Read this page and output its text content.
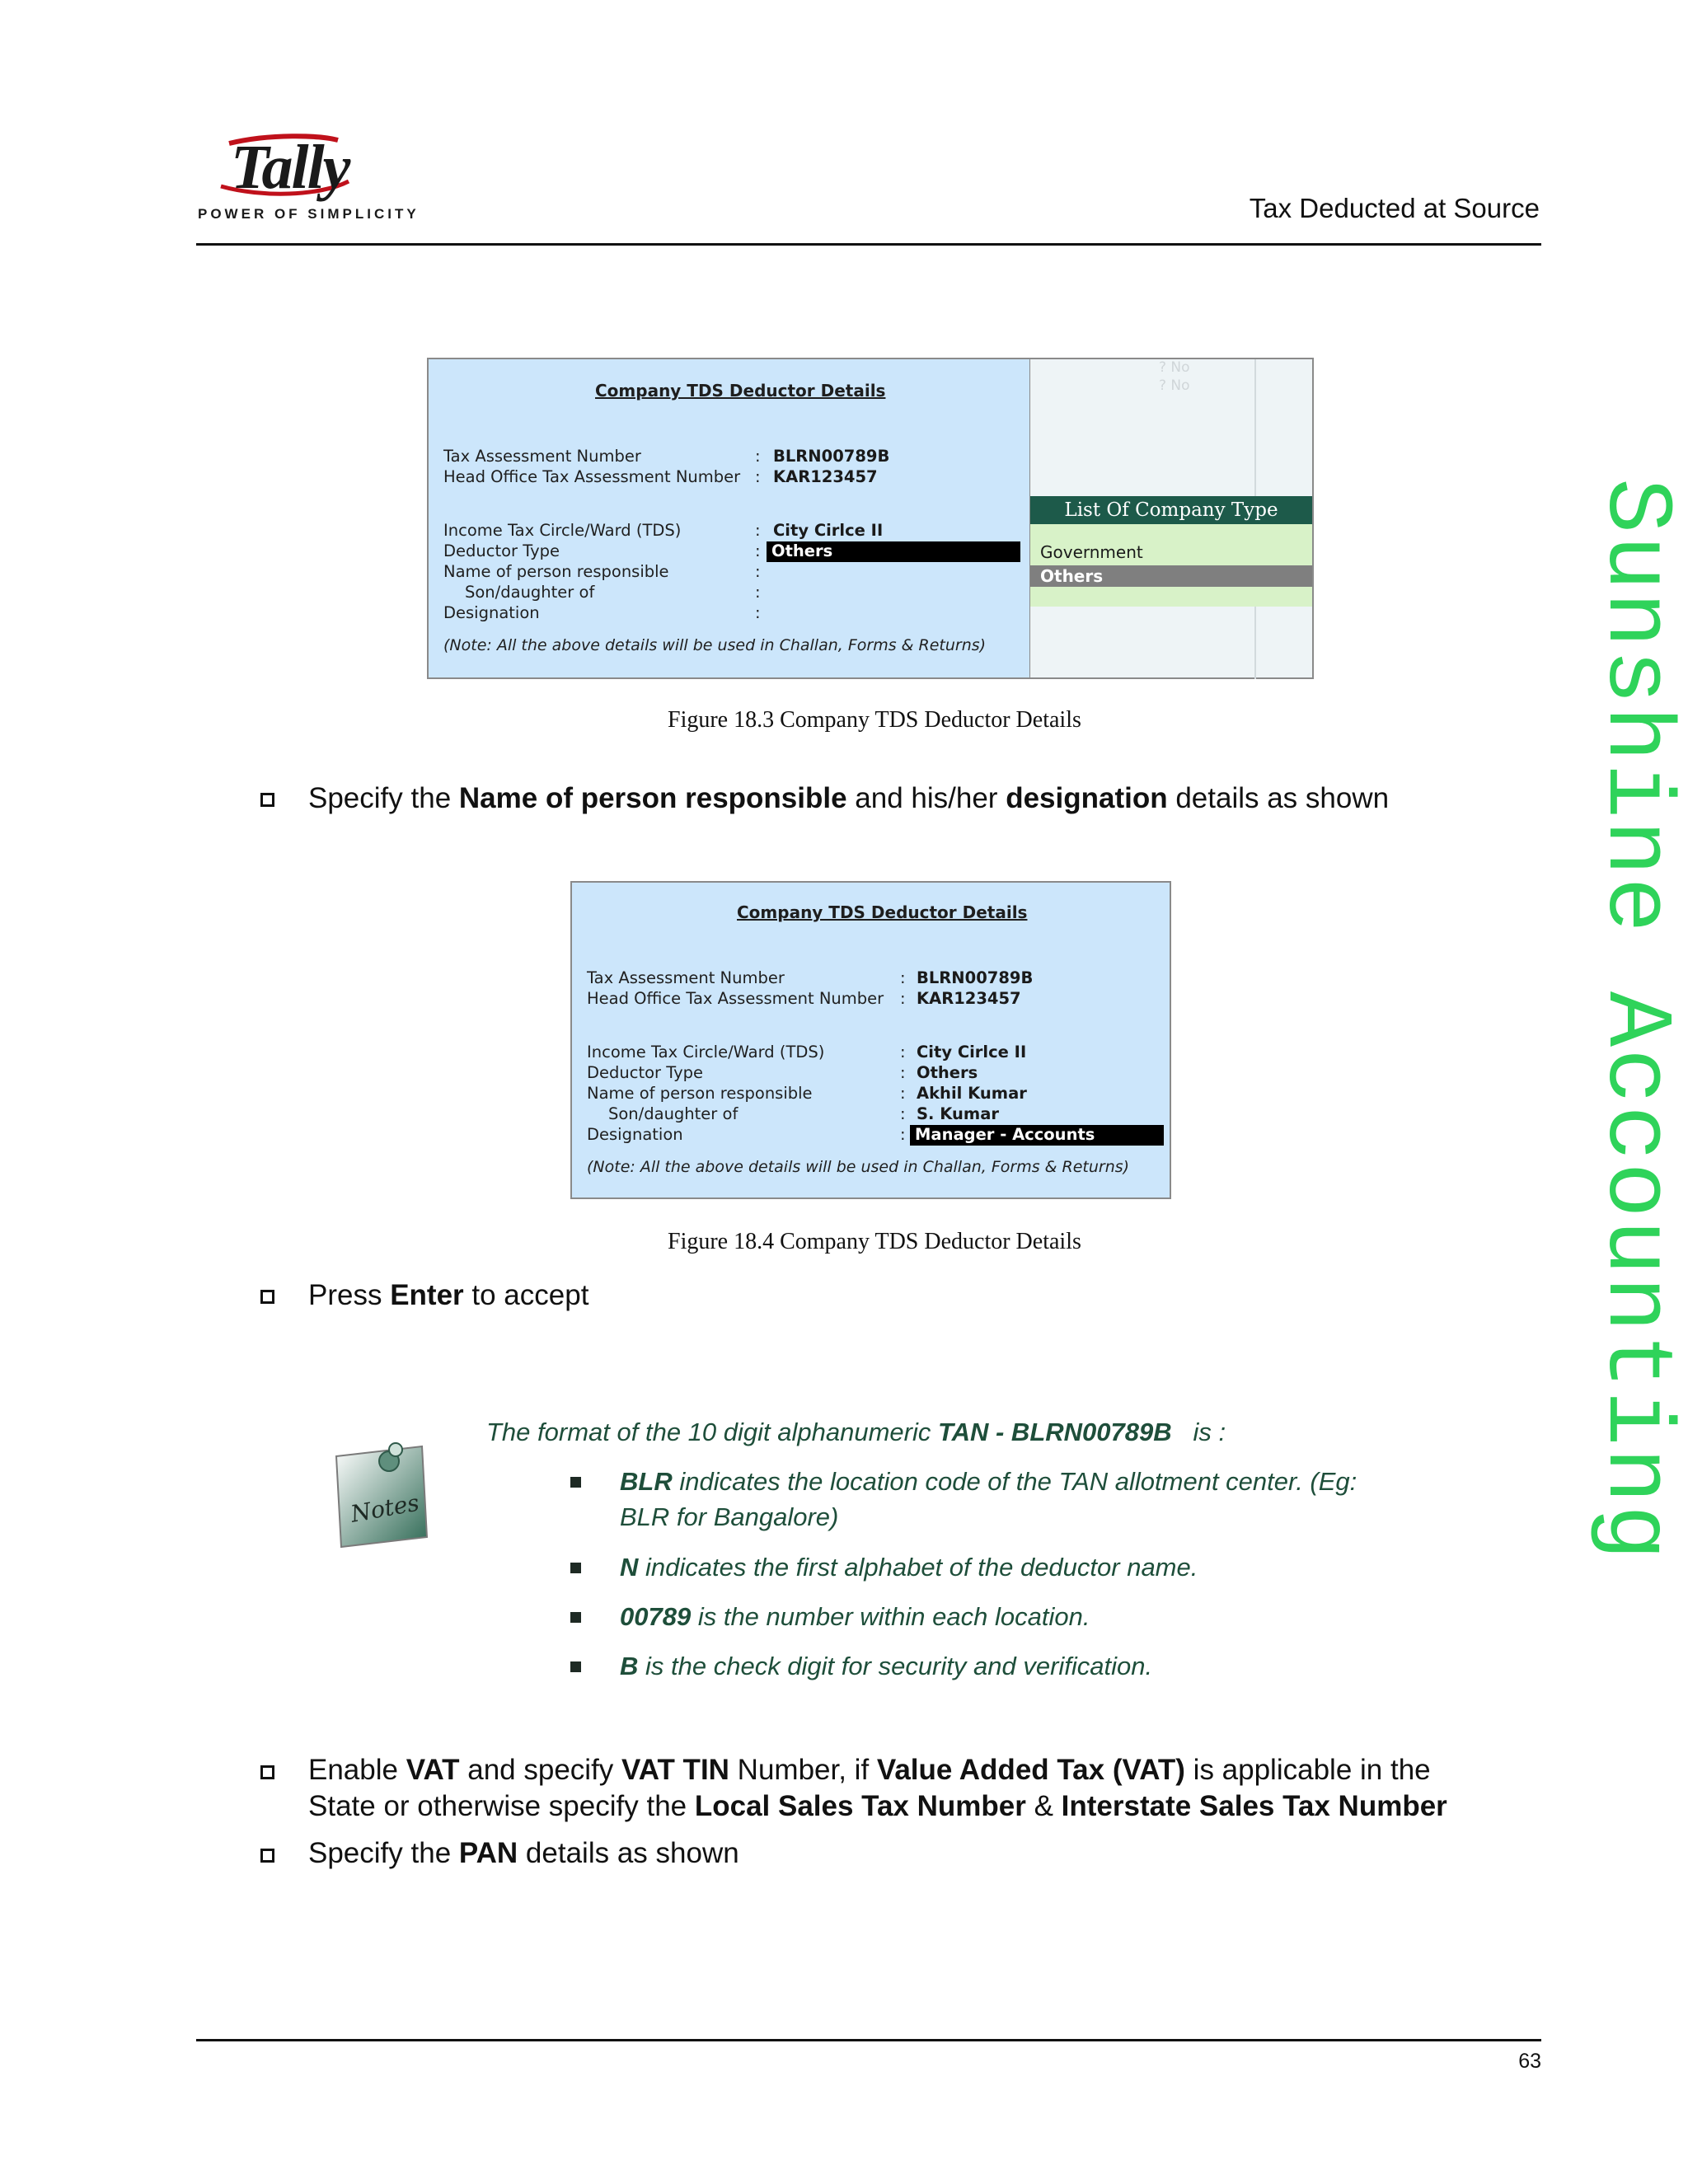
Tally
POWER OF SIMPLICITY	Tax Deducted at Source
Sunshine Accounting
Company TDS Deductor Details
Tax Assessment Number	: BLRN00789B
Head Office Tax Assessment Number : KAR123457
Income Tax Circle/Ward (TDS)	: City Cirlce II
Deductor Type	: Others
Name of person responsible	:
Son/daughter of	:
Designation	:
(Note: All the above details will be used in Challan, Forms & Returns)
? No
? No
List Of Company Type
Government
Others
Figure 18.3 Company TDS Deductor Details
Specify the Name of person responsible and his/her designation details as shown
Company TDS Deductor Details
Tax Assessment Number	: BLRN00789B
Head Office Tax Assessment Number : KAR123457
Income Tax Circle/Ward (TDS)	: City Cirlce II
Deductor Type	: Others
Name of person responsible	: Akhil Kumar
Son/daughter of	: S. Kumar
Designation	: Manager - Accounts
(Note: All the above details will be used in Challan, Forms & Returns)
Figure 18.4 Company TDS Deductor Details
Press Enter to accept
Notes
The format of the 10 digit alphanumeric TAN - BLRN00789B   is :
BLR indicates the location code of the TAN allotment center. (Eg:
BLR for Bangalore)
N indicates the first alphabet of the deductor name.
00789 is the number within each location.
B is the check digit for security and verification.
Enable VAT and specify VAT TIN Number, if Value Added Tax (VAT) is applicable in the
State or otherwise specify the Local Sales Tax Number & Interstate Sales Tax Number
Specify the PAN details as shown
63
